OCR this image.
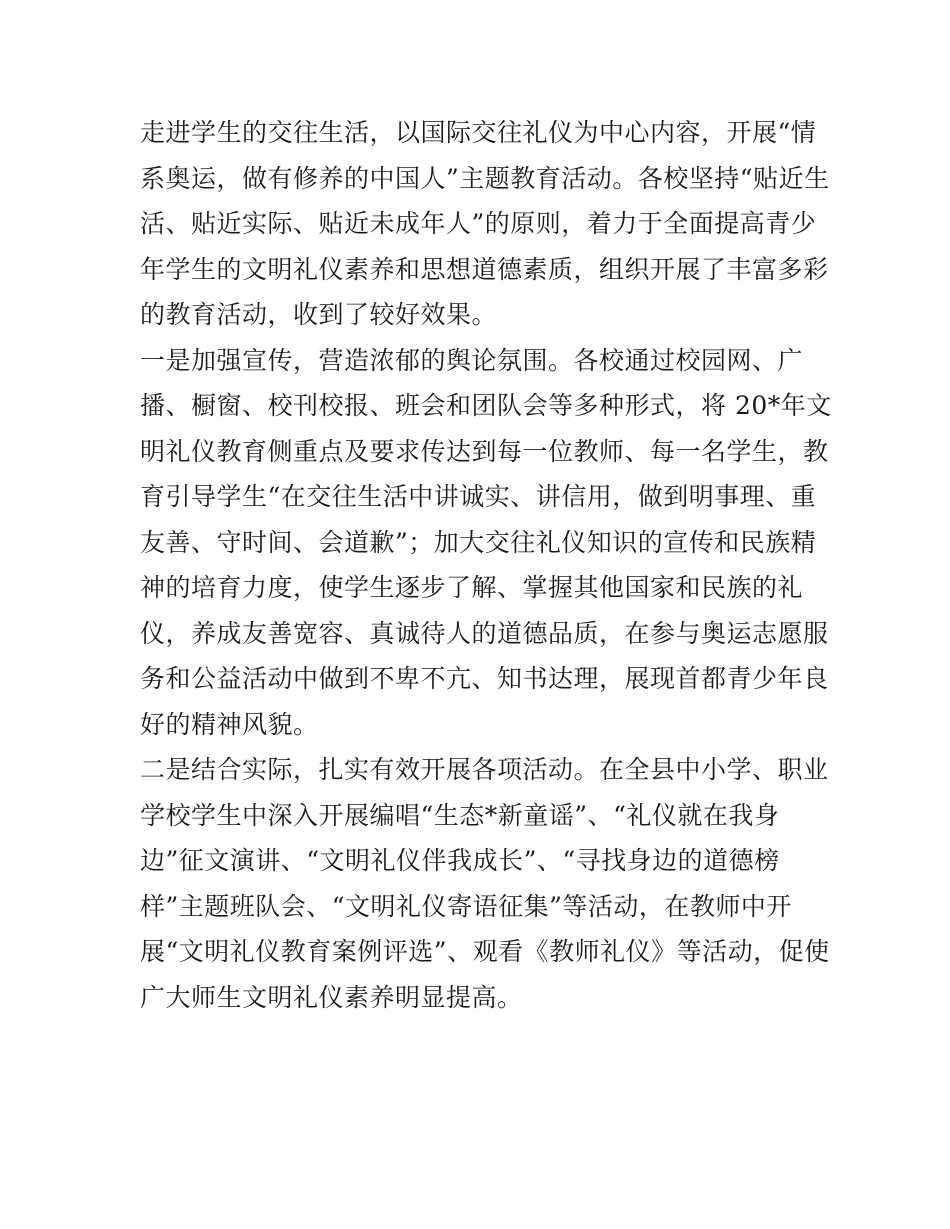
走进学生的交往生活，以国际交往礼仪为中心内容，开展“情
系奥运，做有修养的中国人”主题教育活动。各校坚持“贴近生
活、贴近实际、贴近未成年人”的原则，着力于全面提高青少
年学生的文明礼仪素养和思想道德素质，组织开展了丰富多彩
的教育活动，收到了较好效果。
一是加强宣传，营造浓郁的舆论氛围。各校通过校园网、广
播、橱窗、校刊校报、班会和团队会等多种形式，将 20*年文
明礼仪教育侧重点及要求传达到每一位教师、每一名学生，教
育引导学生“在交往生活中讲诚实、讲信用，做到明事理、重
友善、守时间、会道歉”；加大交往礼仪知识的宣传和民族精
神的培育力度，使学生逐步了解、掌握其他国家和民族的礼
仪，养成友善宽容、真诚待人的道德品质，在参与奥运志愿服
务和公益活动中做到不卑不亢、知书达理，展现首都青少年良
好的精神风貌。
二是结合实际，扎实有效开展各项活动。在全县中小学、职业
学校学生中深入开展编唱“生态*新童谣”、“礼仪就在我身
边”征文演讲、“文明礼仪伴我成长”、“寻找身边的道德榜
样”主题班队会、“文明礼仪寄语征集”等活动，在教师中开
展“文明礼仪教育案例评选”、观看《教师礼仪》等活动，促使
广大师生文明礼仪素养明显提高。
